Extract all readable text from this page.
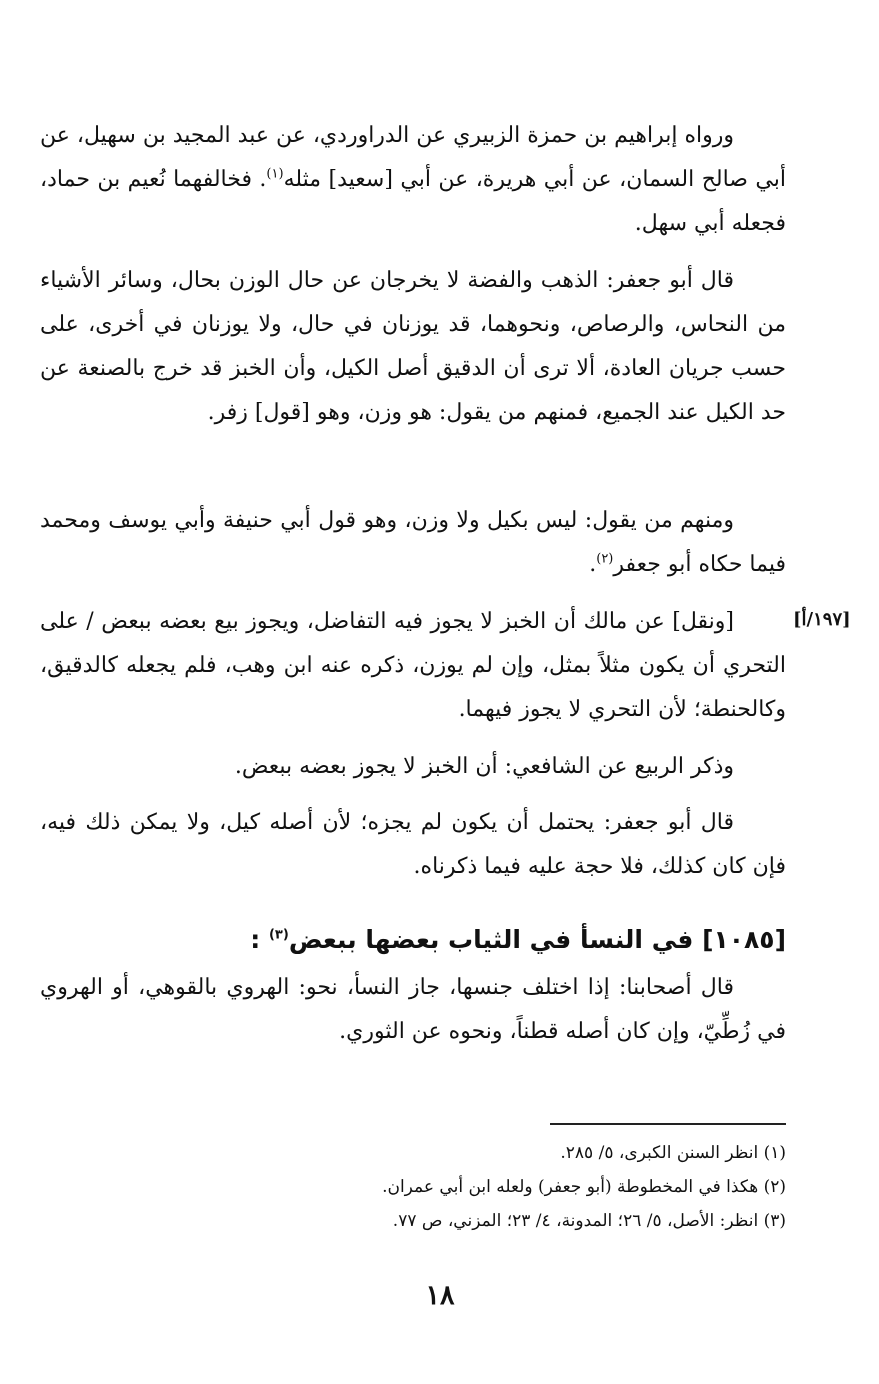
ورواه إبراهيم بن حمزة الزبيري عن الدراوردي، عن عبد المجيد بن سهيل، عن أبي صالح السمان، عن أبي هريرة، عن أبي [سعيد] مثله$^{(١)}$. فخالفهما نُعيم بن حماد، فجعله أبي سهل.

قال أبو جعفر: الذهب والفضة لا يخرجان عن حال الوزن بحال، وسائر الأشياء من النحاس، والرصاص، ونحوهما، قد يوزنان في حال، ولا يوزنان في أخرى، على حسب جريان العادة، ألا ترى أن الدقيق أصل الكيل، وأن الخبز قد خرج بالصنعة عن حد الكيل عند الجميع، فمنهم من يقول: هو وزن، وهو [قول] زفر.

ومنهم من يقول: ليس بكيل ولا وزن، وهو قول أبي حنيفة وأبي يوسف ومحمد فيما حكاه أبو جعفر$^{(٢)}$.

[١٩٧/أ]

[ونقل] عن مالك أن الخبز لا يجوز فيه التفاضل، ويجوز بيع بعضه ببعض / على التحري أن يكون مثلاً بمثل، وإن لم يوزن، ذكره عنه ابن وهب، فلم يجعله كالدقيق، وكالحنطة؛ لأن التحري لا يجوز فيهما.

وذكر الربيع عن الشافعي: أن الخبز لا يجوز بعضه ببعض.

قال أبو جعفر: يحتمل أن يكون لم يجزه؛ لأن أصله كيل، ولا يمكن ذلك فيه، فإن كان كذلك، فلا حجة عليه فيما ذكرناه.

[١٠٨٥] في النسأ في الثياب بعضها ببعض$^{(٣)}$ :

قال أصحابنا: إذا اختلف جنسها، جاز النسأ، نحو: الهروي بالقوهي، أو الهروي في زُطِّيّ، وإن كان أصله قطناً، ونحوه عن الثوري.

(١) انظر السنن الكبرى، ٥/ ٢٨٥.
(٢) هكذا في المخطوطة (أبو جعفر) ولعله ابن أبي عمران.
(٣) انظر: الأصل، ٥/ ٢٦؛ المدونة، ٤/ ٢٣؛ المزني، ص ٧٧.
١٨
